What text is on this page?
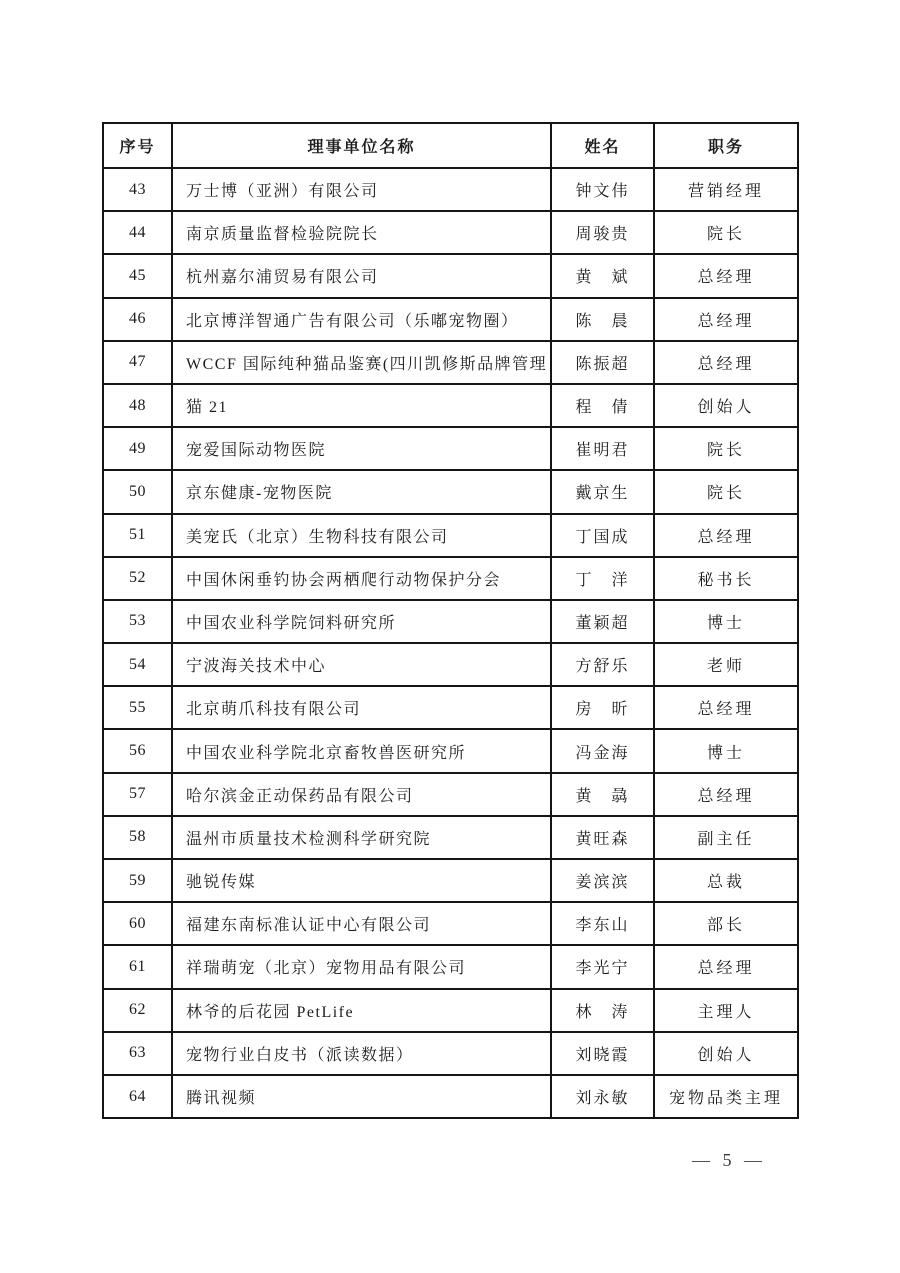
序号	理事单位名称	姓名	职务
43	万士博（亚洲）有限公司	钟文伟	营销经理
44	南京质量监督检验院院长	周骏贵	院长
45	杭州嘉尔浦贸易有限公司	黄　斌	总经理
46	北京博洋智通广告有限公司（乐嘟宠物圈）	陈　晨	总经理
47	WCCF 国际纯种猫品鉴赛(四川凯修斯品牌管理	陈振超	总经理
48	猫 21	程　倩	创始人
49	宠爱国际动物医院	崔明君	院长
50	京东健康-宠物医院	戴京生	院长
51	美宠氏（北京）生物科技有限公司	丁国成	总经理
52	中国休闲垂钓协会两栖爬行动物保护分会	丁　洋	秘书长
53	中国农业科学院饲料研究所	董颖超	博士
54	宁波海关技术中心	方舒乐	老师
55	北京萌爪科技有限公司	房　昕	总经理
56	中国农业科学院北京畜牧兽医研究所	冯金海	博士
57	哈尔滨金正动保药品有限公司	黄　骉	总经理
58	温州市质量技术检测科学研究院	黄旺森	副主任
59	驰锐传媒	姜滨滨	总裁
60	福建东南标准认证中心有限公司	李东山	部长
61	祥瑞萌宠（北京）宠物用品有限公司	李光宁	总经理
62	林爷的后花园 PetLife	林　涛	主理人
63	宠物行业白皮书（派读数据）	刘晓霞	创始人
64	腾讯视频	刘永敏	宠物品类主理
— 5 —
